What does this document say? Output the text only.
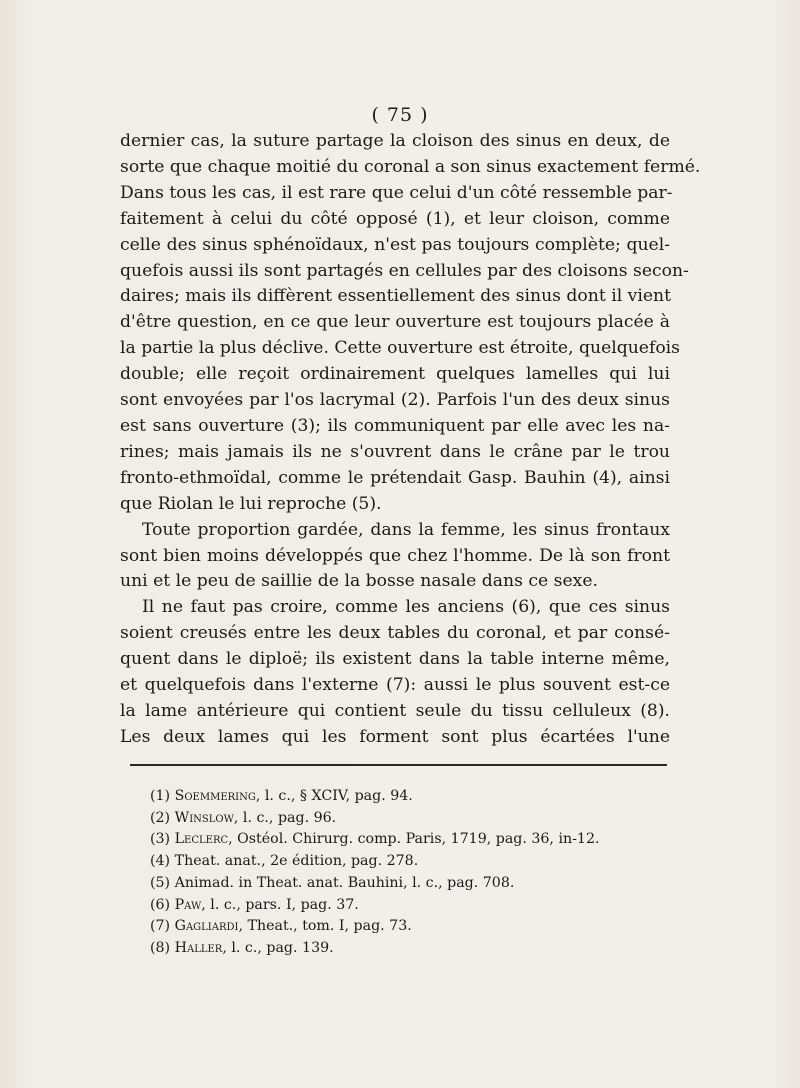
( 75 )
dernier cas, la suture partage la cloison des sinus en deux, de
sorte que chaque moitié du coronal a son sinus exactement fermé.
Dans tous les cas, il est rare que celui d'un côté ressemble par-
faitement à celui du côté opposé (1), et leur cloison, comme
celle des sinus sphénoïdaux, n'est pas toujours complète; quel-
quefois aussi ils sont partagés en cellules par des cloisons secon-
daires; mais ils diffèrent essentiellement des sinus dont il vient
d'être question, en ce que leur ouverture est toujours placée à
la partie la plus déclive. Cette ouverture est étroite, quelquefois
double; elle reçoit ordinairement quelques lamelles qui lui
sont envoyées par l'os lacrymal (2). Parfois l'un des deux sinus
est sans ouverture (3); ils communiquent par elle avec les na-
rines; mais jamais ils ne s'ouvrent dans le crâne par le trou
fronto-ethmoïdal, comme le prétendait Gasp. Bauhin (4), ainsi
que Riolan le lui reproche (5).
Toute proportion gardée, dans la femme, les sinus frontaux
sont bien moins développés que chez l'homme. De là son front
uni et le peu de saillie de la bosse nasale dans ce sexe.
Il ne faut pas croire, comme les anciens (6), que ces sinus
soient creusés entre les deux tables du coronal, et par consé-
quent dans le diploë; ils existent dans la table interne même,
et quelquefois dans l'externe (7): aussi le plus souvent est-ce
la lame antérieure qui contient seule du tissu celluleux (8).
Les deux lames qui les forment sont plus écartées l'une
(1) Soemmering, l. c., § XCIV, pag. 94.
(2) Winslow, l. c., pag. 96.
(3) Leclerc, Ostéol. Chirurg. comp. Paris, 1719, pag. 36, in-12.
(4) Theat. anat., 2e édition, pag. 278.
(5) Animad. in Theat. anat. Bauhini, l. c., pag. 708.
(6) Paw, l. c., pars. I, pag. 37.
(7) Gagliardi, Theat., tom. I, pag. 73.
(8) Haller, l. c., pag. 139.
